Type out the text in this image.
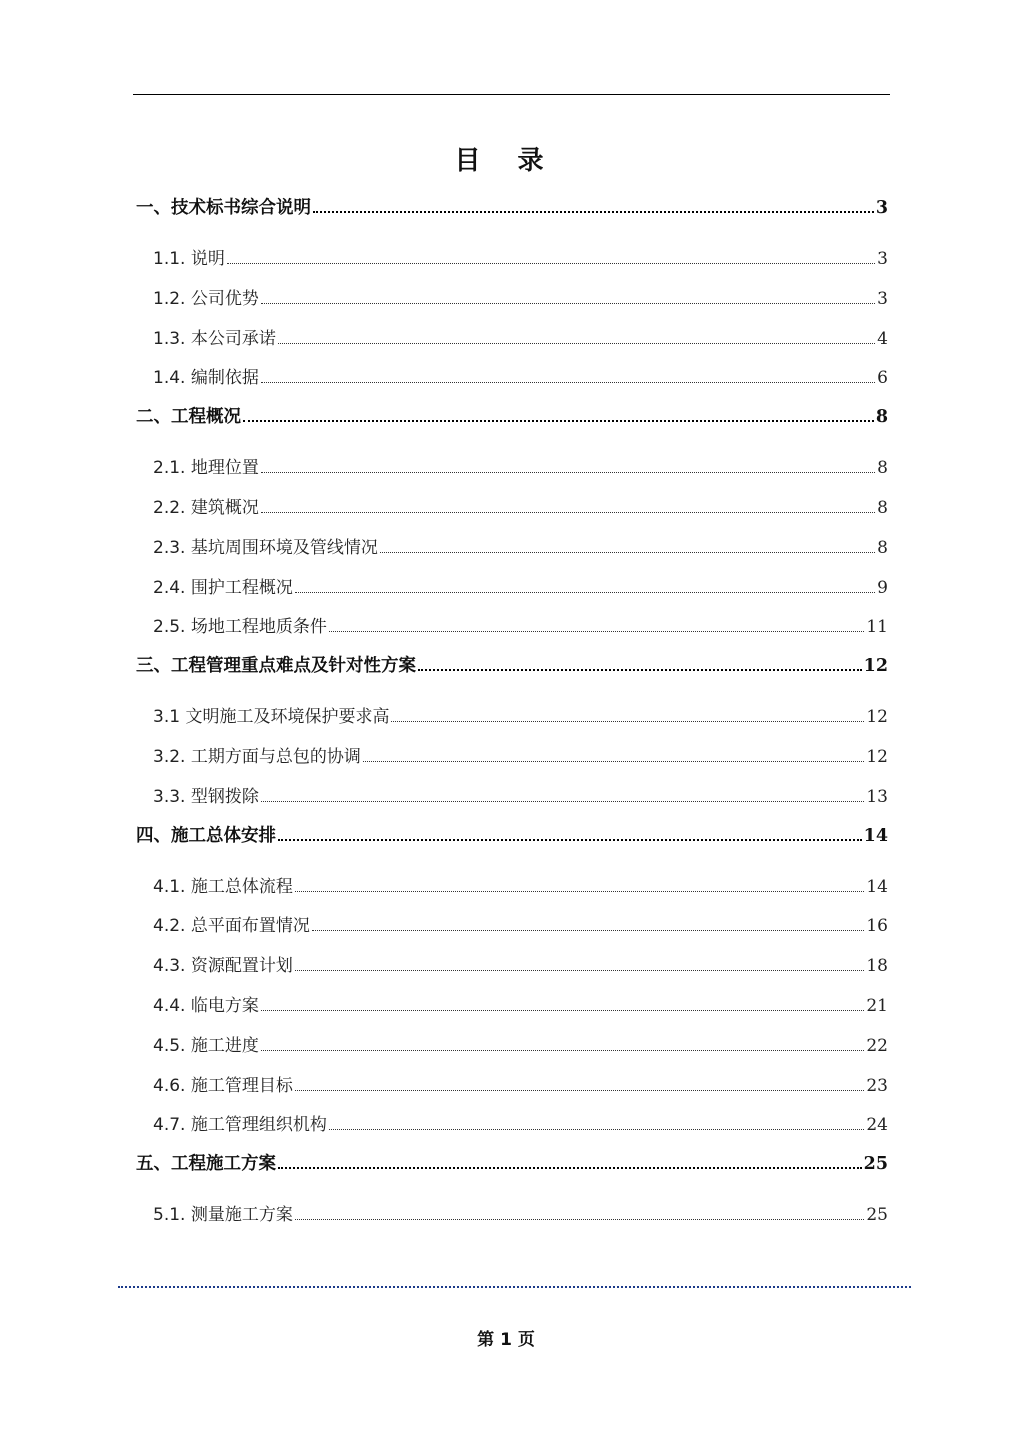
目 录
一、技术标书综合说明	3
1.1. 说明	3
1.2. 公司优势	3
1.3. 本公司承诺	4
1.4. 编制依据	6
二、工程概况	8
2.1. 地理位置	8
2.2. 建筑概况	8
2.3. 基坑周围环境及管线情况	8
2.4. 围护工程概况	9
2.5. 场地工程地质条件	11
三、工程管理重点难点及针对性方案	12
3.1 文明施工及环境保护要求高	12
3.2. 工期方面与总包的协调	12
3.3. 型钢拨除	13
四、施工总体安排	14
4.1. 施工总体流程	14
4.2. 总平面布置情况	16
4.3. 资源配置计划	18
4.4. 临电方案	21
4.5. 施工进度	22
4.6. 施工管理目标	23
4.7. 施工管理组织机构	24
五、工程施工方案	25
5.1. 测量施工方案	25
第 1 页
